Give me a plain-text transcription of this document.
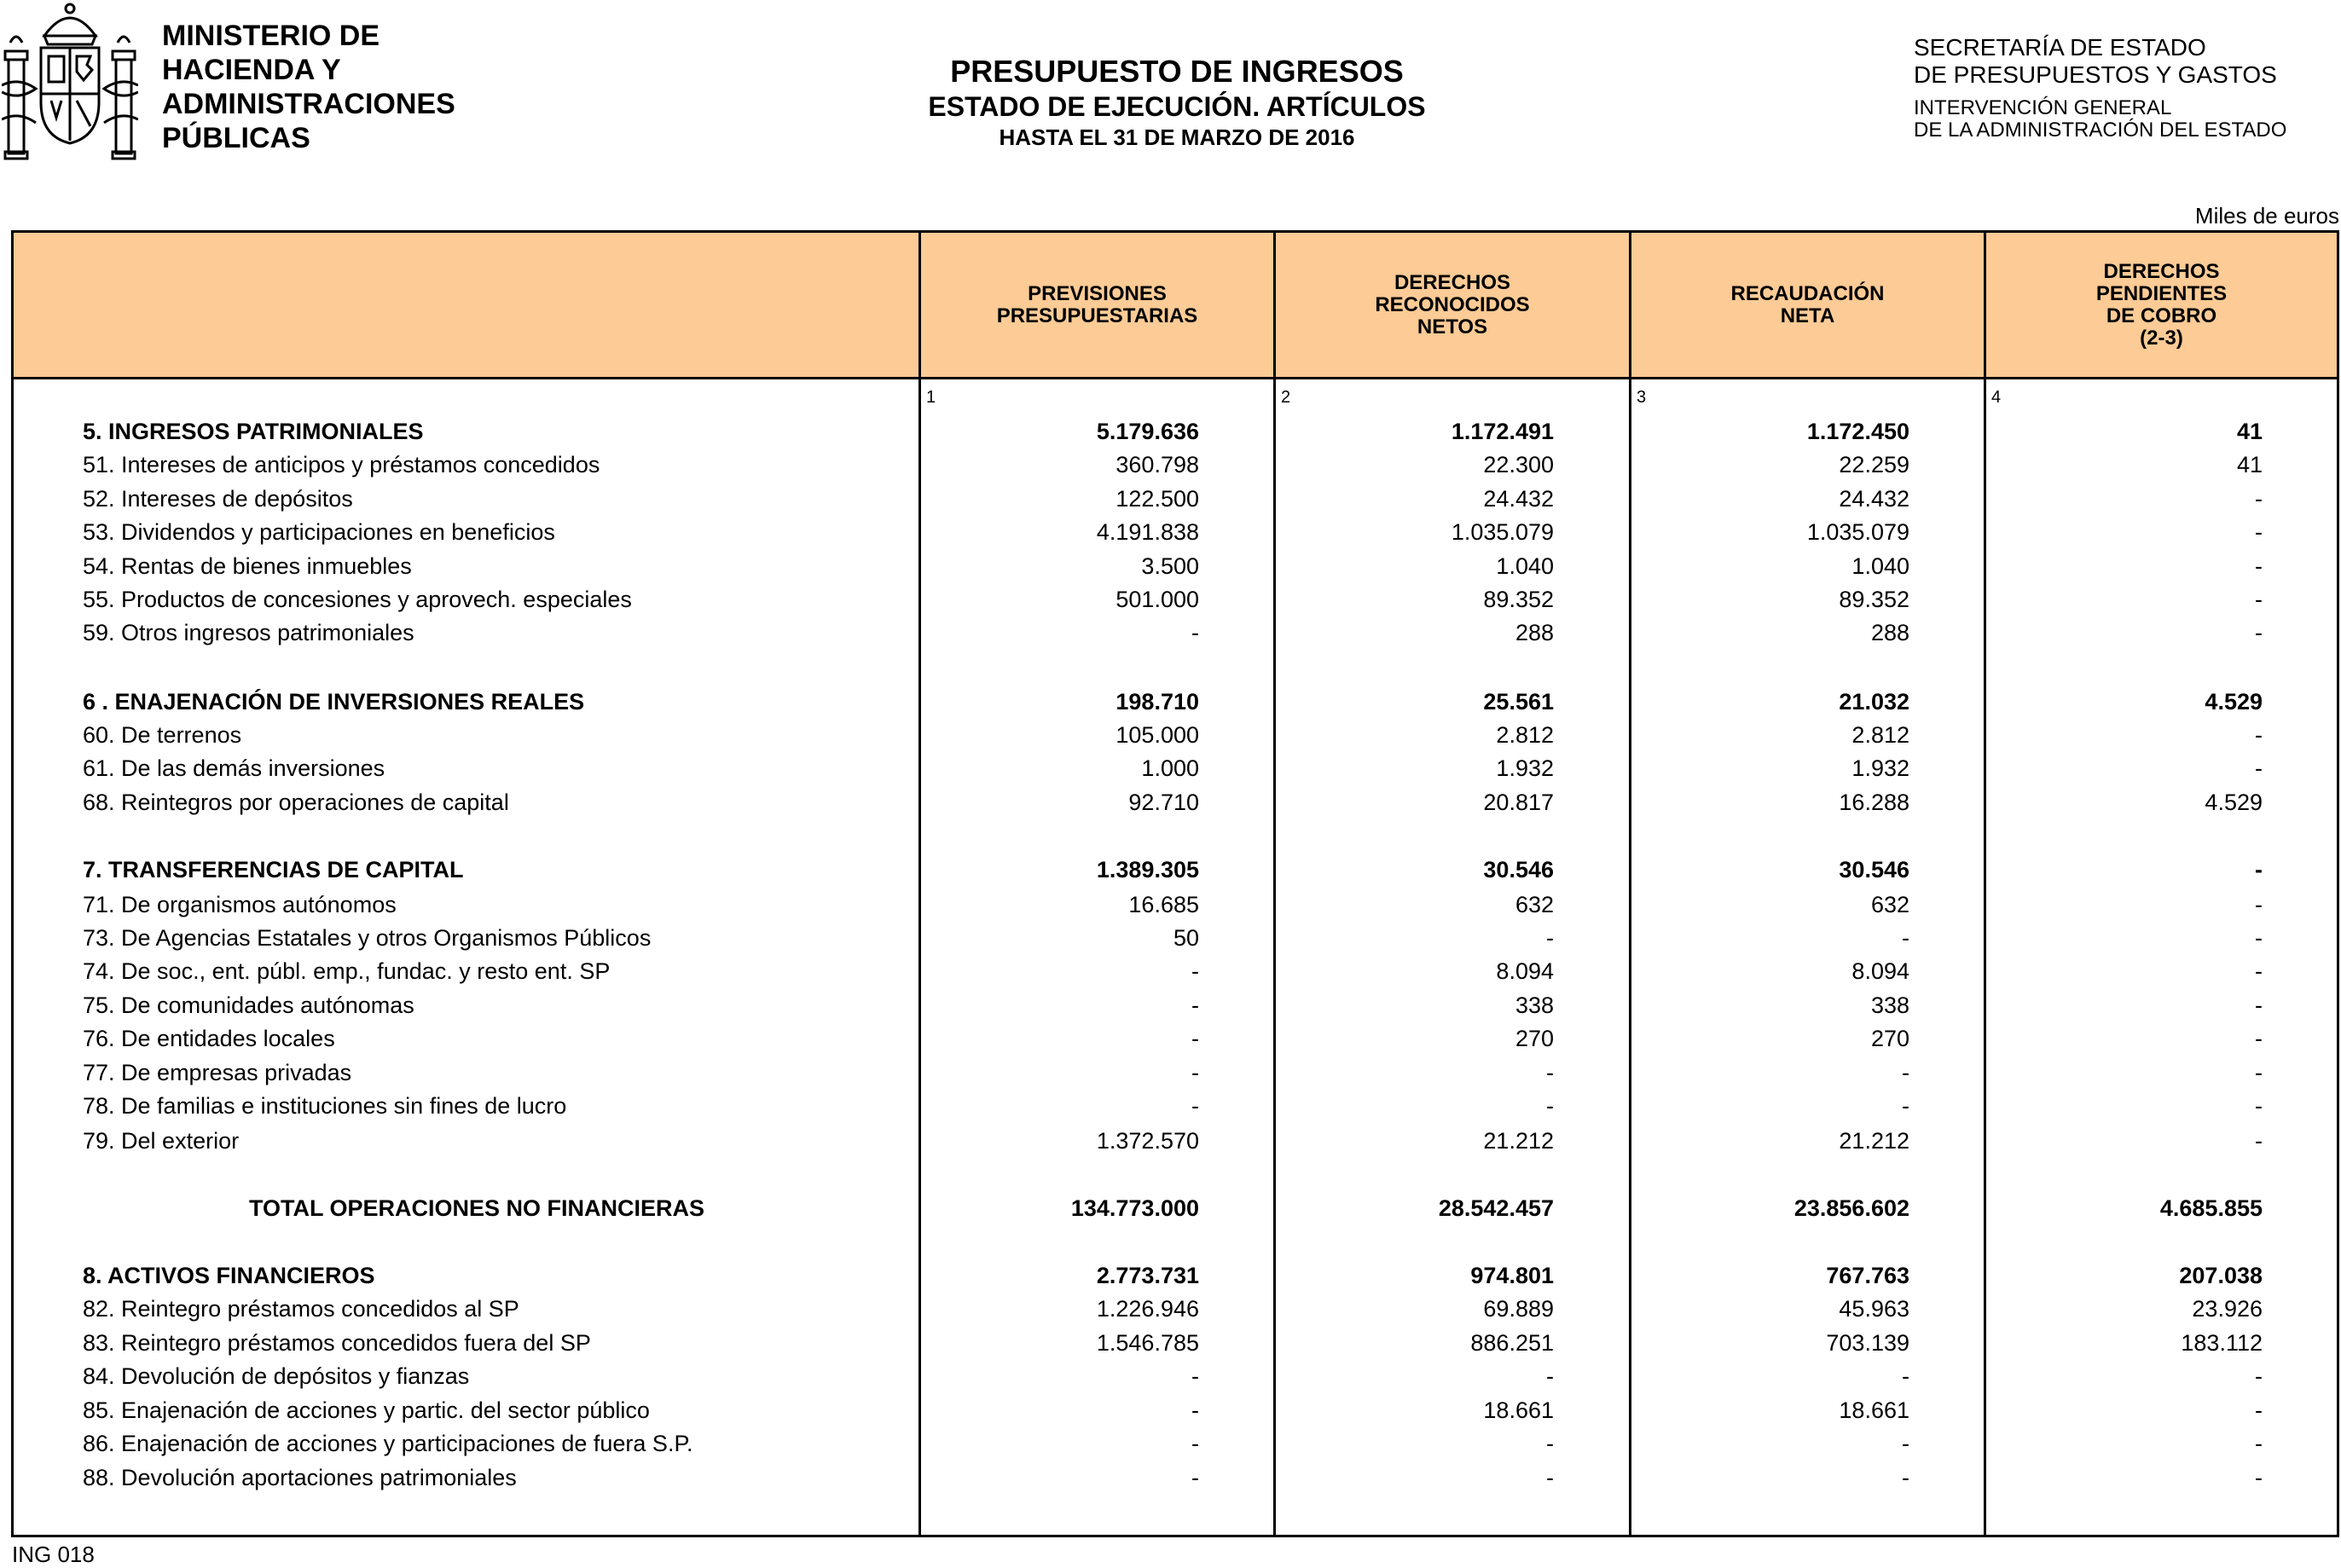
MINISTERIO DE
HACIENDA Y
ADMINISTRACIONES
PÚBLICAS
PRESUPUESTO DE INGRESOS
ESTADO DE EJECUCIÓN. ARTÍCULOS
HASTA EL 31 DE MARZO DE 2016
SECRETARÍA DE ESTADO
DE PRESUPUESTOS Y GASTOS
INTERVENCIÓN GENERAL
DE LA ADMINISTRACIÓN DEL ESTADO
Miles de euros
PREVISIONES
PRESUPUESTARIAS
DERECHOS
RECONOCIDOS
NETOS
RECAUDACIÓN
NETA
DERECHOS
PENDIENTES
DE COBRO
(2-3)
1	2	3	4
5. INGRESOS PATRIMONIALES	5.179.636	1.172.491	1.172.450	41
51. Intereses de anticipos y préstamos concedidos	360.798	22.300	22.259	41
52. Intereses de depósitos	122.500	24.432	24.432	-
53. Dividendos y participaciones en beneficios	4.191.838	1.035.079	1.035.079	-
54. Rentas de bienes inmuebles	3.500	1.040	1.040	-
55. Productos de concesiones y aprovech. especiales	501.000	89.352	89.352	-
59. Otros ingresos patrimoniales	-	288	288	-
6 . ENAJENACIÓN DE INVERSIONES REALES	198.710	25.561	21.032	4.529
60. De terrenos	105.000	2.812	2.812	-
61. De las demás inversiones	1.000	1.932	1.932	-
68. Reintegros por operaciones de capital	92.710	20.817	16.288	4.529
7. TRANSFERENCIAS DE CAPITAL	1.389.305	30.546	30.546	-
71. De organismos autónomos	16.685	632	632	-
73. De Agencias Estatales y otros Organismos Públicos	50	-	-	-
74. De soc., ent. públ. emp., fundac. y resto ent. SP	-	8.094	8.094	-
75. De comunidades autónomas	-	338	338	-
76. De entidades locales	-	270	270	-
77. De empresas privadas	-	-	-	-
78. De familias e instituciones sin fines de lucro	-	-	-	-
79. Del exterior	1.372.570	21.212	21.212	-
TOTAL OPERACIONES NO FINANCIERAS	134.773.000	28.542.457	23.856.602	4.685.855
8. ACTIVOS FINANCIEROS	2.773.731	974.801	767.763	207.038
82. Reintegro préstamos concedidos al SP	1.226.946	69.889	45.963	23.926
83. Reintegro préstamos concedidos fuera del SP	1.546.785	886.251	703.139	183.112
84. Devolución de depósitos y fianzas	-	-	-	-
85. Enajenación de acciones y partic. del sector público	-	18.661	18.661	-
86. Enajenación de acciones y participaciones de fuera S.P.	-	-	-	-
88. Devolución aportaciones patrimoniales	-	-	-	-
ING 018
